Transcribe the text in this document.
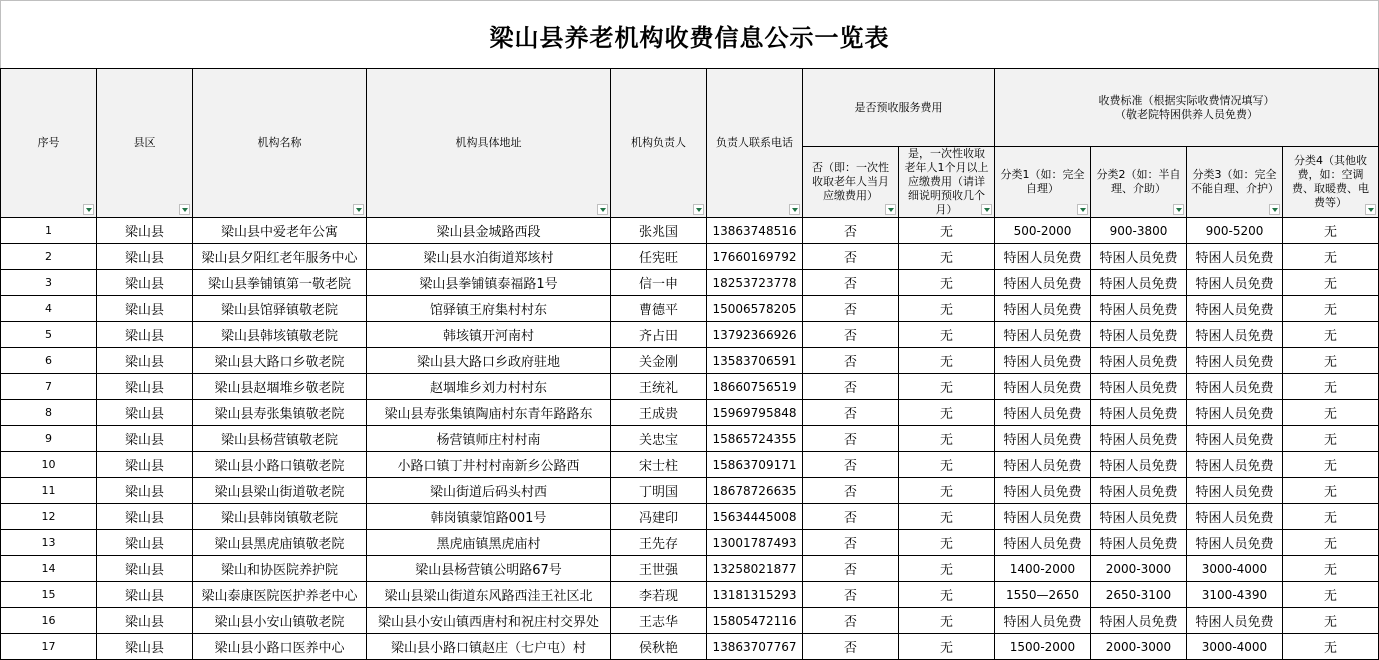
梁山县养老机构收费信息公示一览表
序号	县区	机构名称	机构具体地址	机构负责人	负责人联系电话	是否预收服务费用		收费标准（根据实际收费情况填写）
（敬老院特困供养人员免费）			
						否（即：一次性收取老年人当月应缴费用）	是，一次性收取老年人1个月以上应缴费用（请详细说明预收几个月）	分类1（如：完全自理）	分类2（如：半自理、介助）	分类3（如：完全不能自理、介护）	分类4（其他收费，如：空调费、取暖费、电费等）

1	梁山县	梁山县中爱老年公寓	梁山县金城路西段	张兆国	13863748516	否	无	500-2000	900-3800	900-5200	无
2	梁山县	梁山县夕阳红老年服务中心	梁山县水泊街道郑垓村	任宪旺	17660169792	否	无	特困人员免费	特困人员免费	特困人员免费	无
3	梁山县	梁山县拳铺镇第一敬老院	梁山县拳铺镇泰福路1号	信一申	18253723778	否	无	特困人员免费	特困人员免费	特困人员免费	无
4	梁山县	梁山县馆驿镇敬老院	馆驿镇王府集村村东	曹德平	15006578205	否	无	特困人员免费	特困人员免费	特困人员免费	无
5	梁山县	梁山县韩垓镇敬老院	韩垓镇开河南村	齐占田	13792366926	否	无	特困人员免费	特困人员免费	特困人员免费	无
6	梁山县	梁山县大路口乡敬老院	梁山县大路口乡政府驻地	关金刚	13583706591	否	无	特困人员免费	特困人员免费	特困人员免费	无
7	梁山县	梁山县赵堌堆乡敬老院	赵堌堆乡刘力村村东	王统礼	18660756519	否	无	特困人员免费	特困人员免费	特困人员免费	无
8	梁山县	梁山县寿张集镇敬老院	梁山县寿张集镇陶庙村东青年路路东	王成贵	15969795848	否	无	特困人员免费	特困人员免费	特困人员免费	无
9	梁山县	梁山县杨营镇敬老院	杨营镇师庄村村南	关忠宝	15865724355	否	无	特困人员免费	特困人员免费	特困人员免费	无
10	梁山县	梁山县小路口镇敬老院	小路口镇丁井村村南新乡公路西	宋士柱	15863709171	否	无	特困人员免费	特困人员免费	特困人员免费	无
11	梁山县	梁山县梁山街道敬老院	梁山街道后码头村西	丁明国	18678726635	否	无	特困人员免费	特困人员免费	特困人员免费	无
12	梁山县	梁山县韩岗镇敬老院	韩岗镇蒙馆路001号	冯建印	15634445008	否	无	特困人员免费	特困人员免费	特困人员免费	无
13	梁山县	梁山县黑虎庙镇敬老院	黑虎庙镇黑虎庙村	王先存	13001787493	否	无	特困人员免费	特困人员免费	特困人员免费	无
14	梁山县	梁山和协医院养护院	梁山县杨营镇公明路67号	王世强	13258021877	否	无	1400-2000	2000-3000	3000-4000	无
15	梁山县	梁山泰康医院医护养老中心	梁山县梁山街道东风路西洼王社区北	李若现	13181315293	否	无	1550—2650	2650-3100	3100-4390	无
16	梁山县	梁山县小安山镇敬老院	梁山县小安山镇西唐村和祝庄村交界处	王志华	15805472116	否	无	特困人员免费	特困人员免费	特困人员免费	无
17	梁山县	梁山县小路口医养中心	梁山县小路口镇赵庄（七户屯）村	侯秋艳	13863707767	否	无	1500-2000	2000-3000	3000-4000	无
